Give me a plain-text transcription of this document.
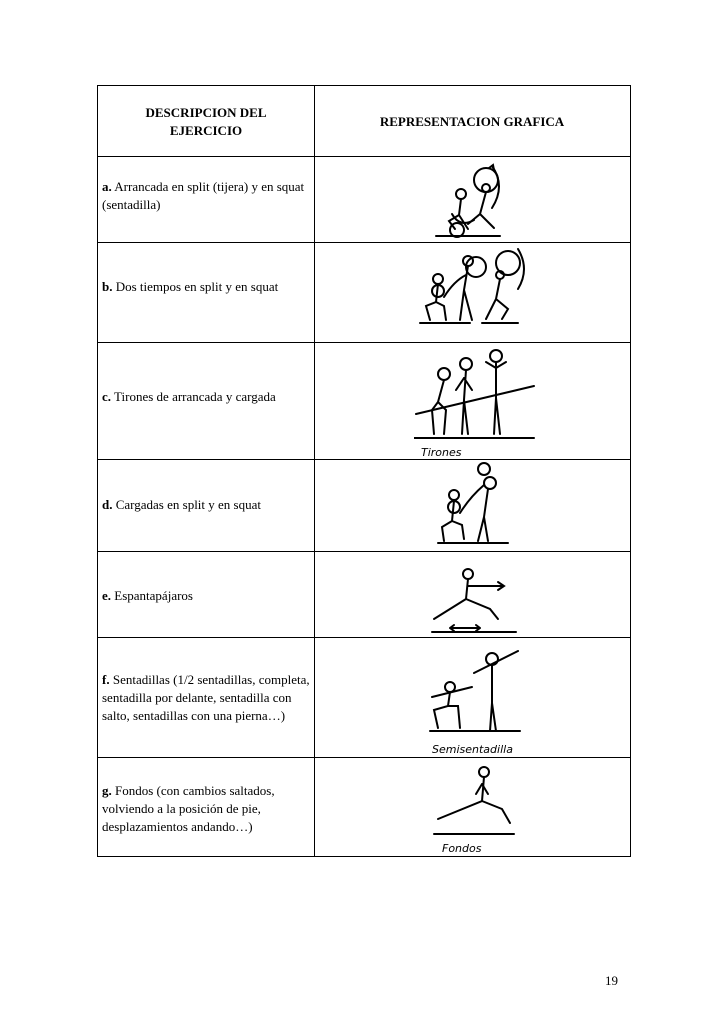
DESCRIPCION DEL EJERCICIO
REPRESENTACION GRAFICA
a. Arrancada en split (tijera) y en squat (sentadilla)
b. Dos tiempos en split y en squat
c. Tirones de arrancada y cargada
Tirones
d. Cargadas en split y en squat
e. Espantapájaros
f. Sentadillas (1/2 sentadillas, completa, sentadilla por delante, sentadilla con salto, sentadillas con una pierna…)
Semisentadilla
g. Fondos (con cambios saltados, volviendo a la posición de pie, desplazamientos andando…)
Fondos
19
